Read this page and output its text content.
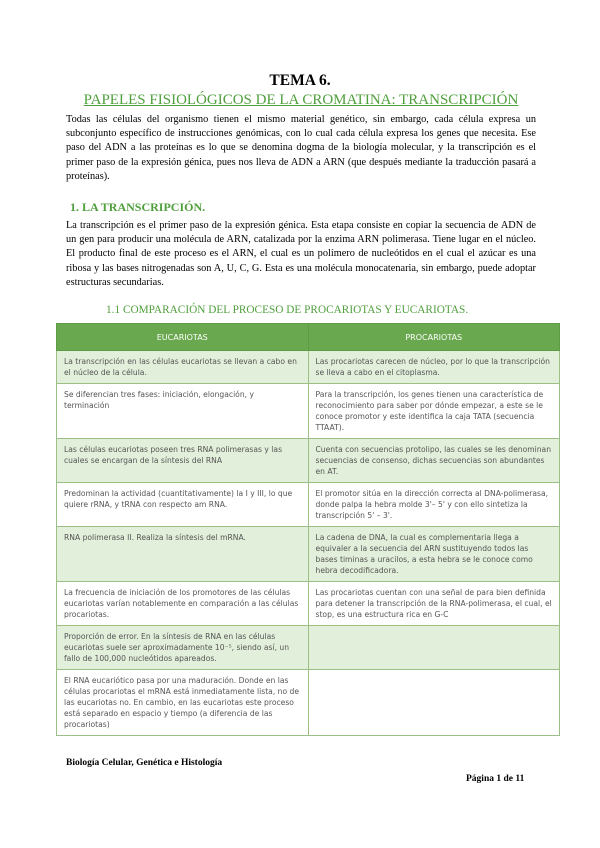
TEMA 6.
PAPELES FISIOLÓGICOS DE LA CROMATINA: TRANSCRIPCIÓN

Todas las células del organismo tienen el mismo material genético, sin embargo, cada célula expresa un subconjunto específico de instrucciones genómicas, con lo cual cada célula expresa los genes que necesita. Ese paso del ADN a las proteínas es lo que se denomina dogma de la biología molecular, y la transcripción es el primer paso de la expresión génica, pues nos lleva de ADN a ARN (que después mediante la traducción pasará a proteínas).

1. LA TRANSCRIPCIÓN.

La transcripción es el primer paso de la expresión génica. Esta etapa consiste en copiar la secuencia de ADN de un gen para producir una molécula de ARN, catalizada por la enzima ARN polimerasa. Tiene lugar en el núcleo. El producto final de este proceso es el ARN, el cual es un polímero de nucleótidos en el cual el azúcar es una ribosa y las bases nitrogenadas son A, U, C, G. Esta es una molécula monocatenaria, sin embargo, puede adoptar estructuras secundarias.

1.1 COMPARACIÓN DEL PROCESO DE PROCARIOTAS Y EUCARIOTAS.
EUCARIOTAS	PROCARIOTAS
La transcripción en las células eucariotas se llevan a cabo en el núcleo de la célula.	Las procariotas carecen de núcleo, por lo que la transcripción se lleva a cabo en el citoplasma.
Se diferencian tres fases: iniciación, elongación, y terminación	Para la transcripción, los genes tienen una característica de reconocimiento para saber por dónde empezar, a este se le conoce promotor y este identifica la caja TATA (secuencia TTAAT).
Las células eucariotas poseen tres RNA polimerasas y las cuales se encargan de la síntesis del RNA	Cuenta con secuencias protolipo, las cuales se les denominan secuencias de consenso, dichas secuencias son abundantes en AT.
Predominan la actividad (cuantitativamente) la I y III, lo que quiere rRNA, y tRNA con respecto am RNA.	El promotor sitúa en la dirección correcta al DNA-polimerasa, donde palpa la hebra molde 3'– 5' y con ello sintetiza la transcripción 5' – 3'.
RNA polimerasa II. Realiza la síntesis del mRNA.	La cadena de DNA, la cual es complementaria llega a equivaler a la secuencia del ARN sustituyendo todos las bases timinas a uracilos, a esta hebra se le conoce como hebra decodificadora.
La frecuencia de iniciación de los promotores de las células eucariotas varían notablemente en comparación a las células procariotas.	Las procariotas cuentan con una señal de para bien definida para detener la transcripción de la RNA-polimerasa, el cual, el stop, es una estructura rica en G-C
Proporción de error. En la síntesis de RNA en las células eucariotas suele ser aproximadamente 10⁻⁵, siendo así, un fallo de 100,000 nucleótidos apareados.	
El RNA eucariótico pasa por una maduración. Donde en las células procariotas el mRNA está inmediatamente lista, no de las eucariotas no. En cambio, en las eucariotas este proceso está separado en espacio y tiempo (a diferencia de las procariotas)	
Biología Celular, Genética e Histología
Página 1 de 11
